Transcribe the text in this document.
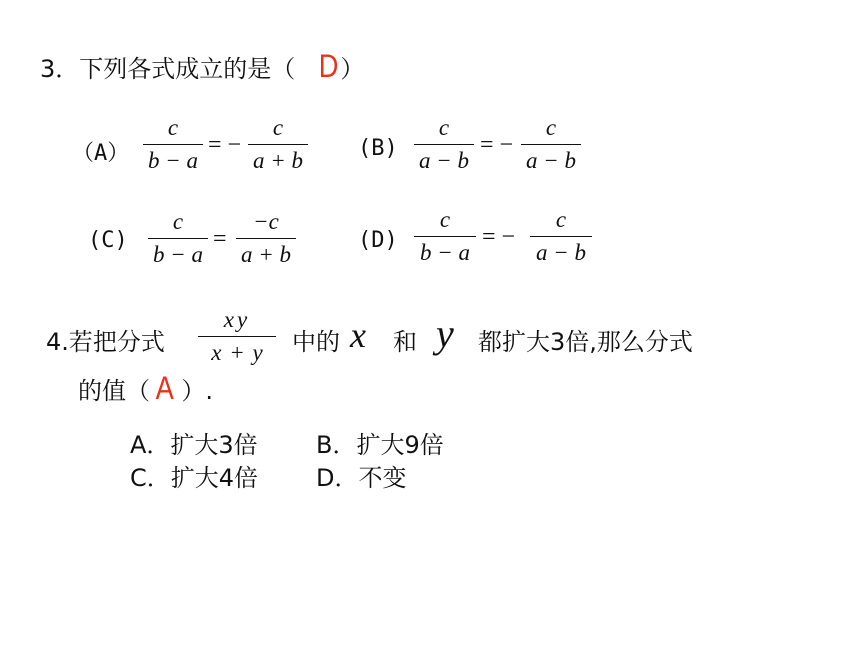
3．下列各式成立的是（ D）
（A）
c
b − a
= −
c
a + b (B)
c
a − b
= −
c
a − b
(C)
c
b − a
=
−c
a + b
(D)
c
b − a
= −
c
a − b
4.若把分式
xy
x + y	中的 x 和 y 都扩大3倍,那么分式
的值（ A ）.
A．扩大3倍 B．扩大9倍
C．扩大4倍 D．不变
